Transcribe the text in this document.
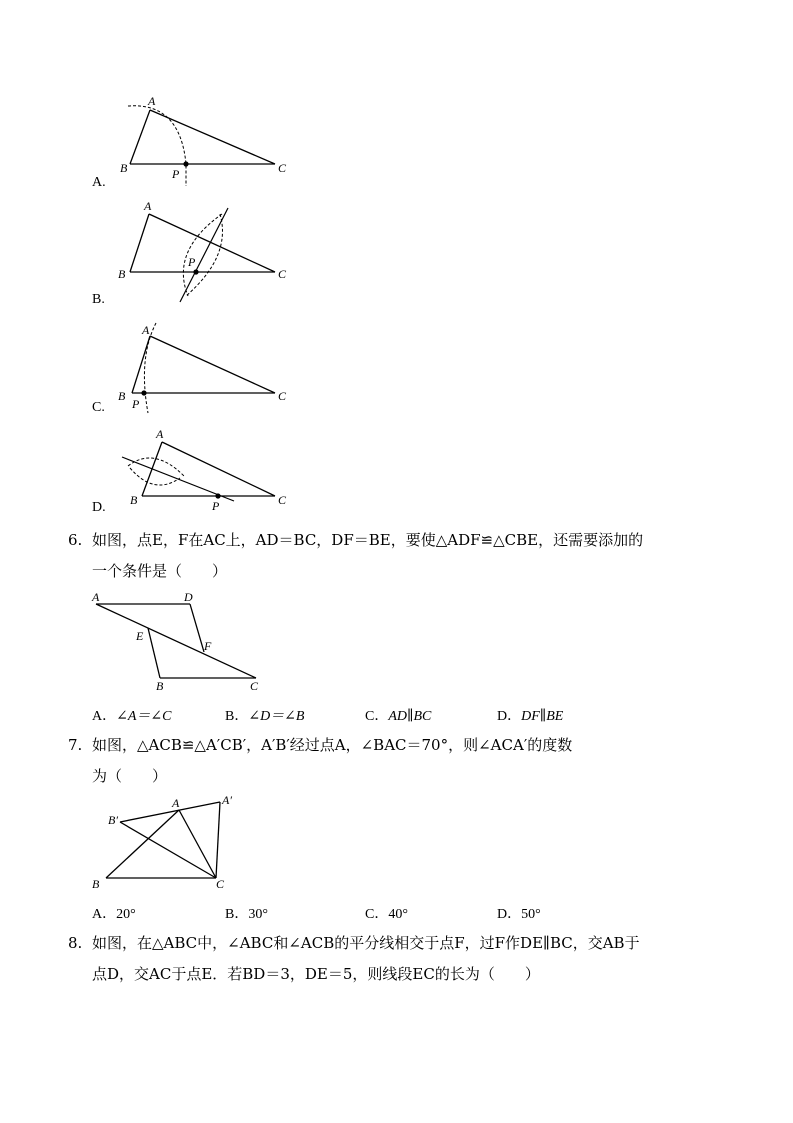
A
B	C
P
A.
A
B	C
P
B.
A
B	C
P
C.
A
B	C
P
D.
6. 如图，点E，F在AC上，AD＝BC，DF＝BE，要使△ADF≌△CBE，还需要添加的
一个条件是（　　）
A	D
E
F
B	C
A．∠A＝∠C	B．∠D＝∠B	C．AD∥BC	D．DF∥BE
7. 如图，△ACB≌△A′CB′，A′B′经过点A，∠BAC＝70°，则∠ACA′的度数
为（　　）
A	A′
B′
B	C
A．20°	B．30°	C．40°	D．50°
8. 如图，在△ABC中，∠ABC和∠ACB的平分线相交于点F，过F作DE∥BC，交AB于
点D，交AC于点E．若BD＝3，DE＝5，则线段EC的长为（　　）
